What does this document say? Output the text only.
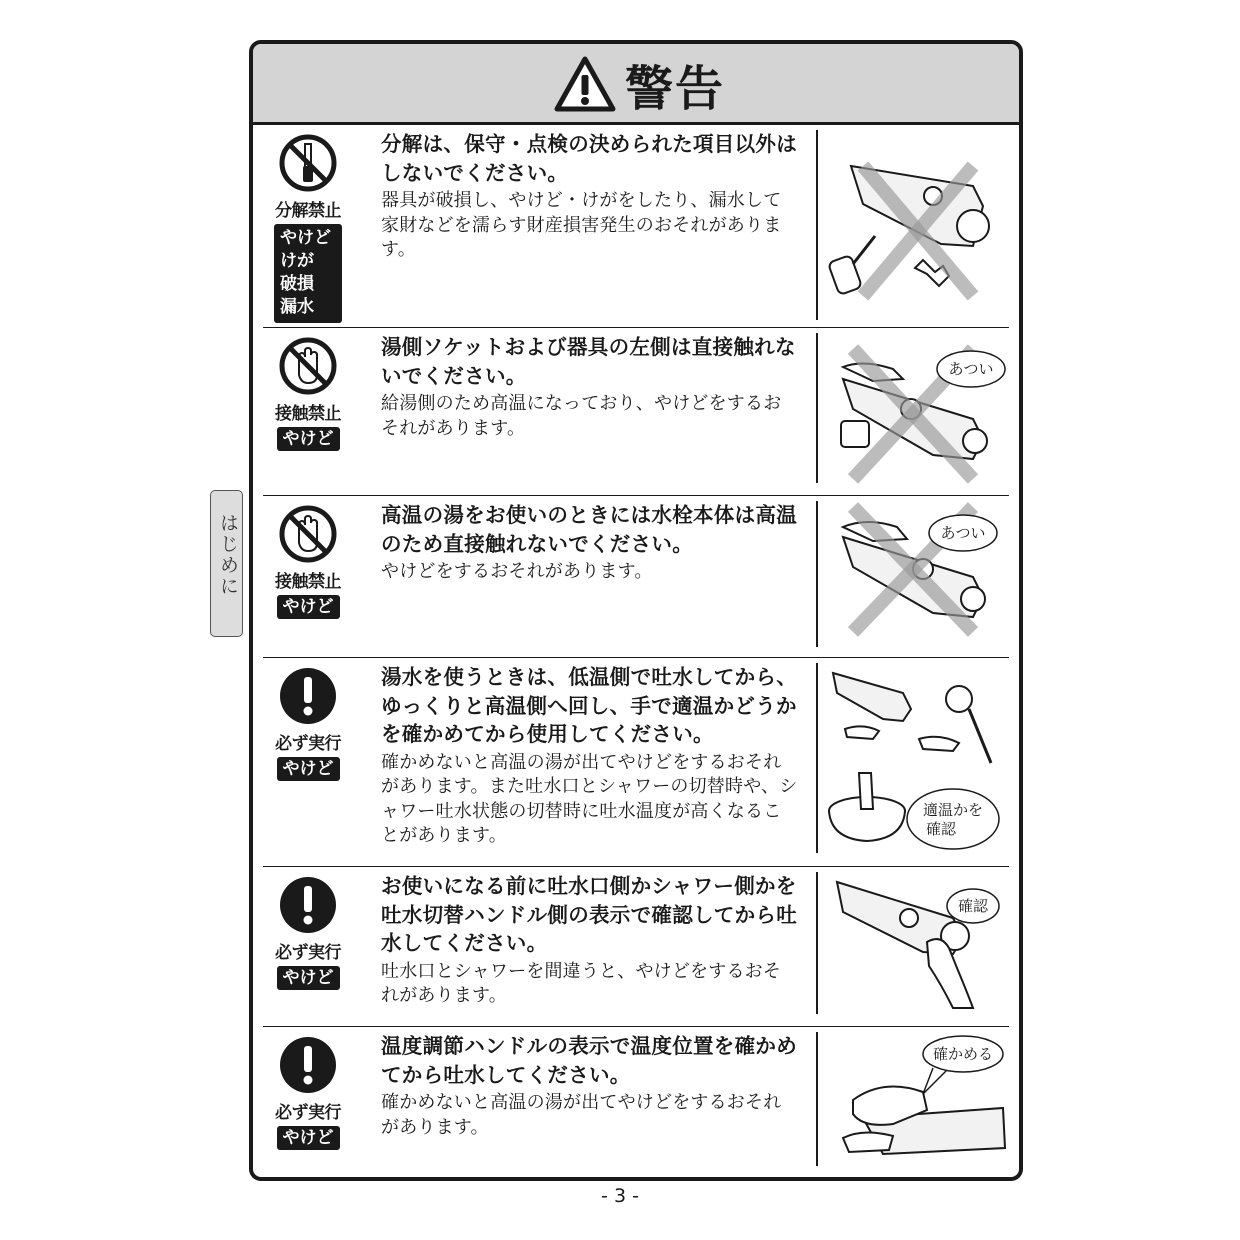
警告
分解禁止
やけど
けが
破損
漏水

分解は、保守・点検の決められた項目以外はしないでください。

器具が破損し、やけど・けがをしたり、漏水して家財などを濡らす財産損害発生のおそれがあります。

接触禁止
やけど

湯側ソケットおよび器具の左側は直接触れないでください。

給湯側のため高温になっており、やけどをするおそれがあります。

あつい
接触禁止
やけど

高温の湯をお使いのときには水栓本体は高温のため直接触れないでください。

やけどをするおそれがあります。

あつい
必ず実行
やけど

湯水を使うときは、低温側で吐水してから、ゆっくりと高温側へ回し、手で適温かどうかを確かめてから使用してください。

確かめないと高温の湯が出てやけどをするおそれがあります。また吐水口とシャワーの切替時や、シャワー吐水状態の切替時に吐水温度が高くなることがあります。

適温かを
確認
必ず実行
やけど

お使いになる前に吐水口側かシャワー側かを吐水切替ハンドル側の表示で確認してから吐水してください。

吐水口とシャワーを間違うと、やけどをするおそれがあります。

確認
必ず実行
やけど

温度調節ハンドルの表示で温度位置を確かめてから吐水してください。

確かめないと高温の湯が出てやけどをするおそれがあります。

確かめる
はじめに
- 3 -
